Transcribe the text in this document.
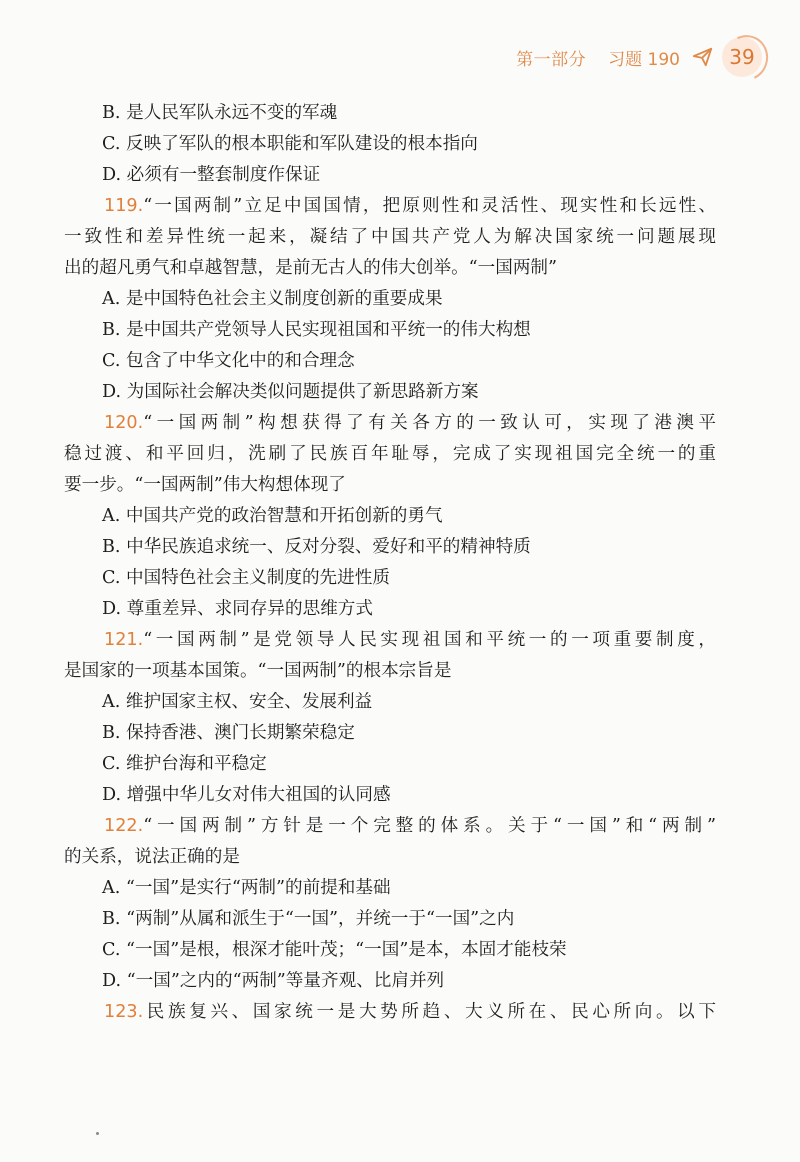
第一部分 习题 190 39
B. 是人民军队永远不变的军魂
C. 反映了军队的根本职能和军队建设的根本指向
D. 必须有一整套制度作保证
119.“一国两制”立足中国国情，把原则性和灵活性、现实性和长远性、
一致性和差异性统一起来，凝结了中国共产党人为解决国家统一问题展现
出的超凡勇气和卓越智慧，是前无古人的伟大创举。“一国两制”
A. 是中国特色社会主义制度创新的重要成果
B. 是中国共产党领导人民实现祖国和平统一的伟大构想
C. 包含了中华文化中的和合理念
D. 为国际社会解决类似问题提供了新思路新方案
120.“一国两制”构想获得了有关各方的一致认可，实现了港澳平
稳过渡、和平回归，洗刷了民族百年耻辱，完成了实现祖国完全统一的重
要一步。“一国两制”伟大构想体现了
A. 中国共产党的政治智慧和开拓创新的勇气
B. 中华民族追求统一、反对分裂、爱好和平的精神特质
C. 中国特色社会主义制度的先进性质
D. 尊重差异、求同存异的思维方式
121.“一国两制”是党领导人民实现祖国和平统一的一项重要制度，
是国家的一项基本国策。“一国两制”的根本宗旨是
A. 维护国家主权、安全、发展利益
B. 保持香港、澳门长期繁荣稳定
C. 维护台海和平稳定
D. 增强中华儿女对伟大祖国的认同感
122.“一国两制”方针是一个完整的体系。关于“一国”和“两制”
的关系，说法正确的是
A. “一国”是实行“两制”的前提和基础
B. “两制”从属和派生于“一国”，并统一于“一国”之内
C. “一国”是根，根深才能叶茂；“一国”是本，本固才能枝荣
D. “一国”之内的“两制”等量齐观、比肩并列
123.民族复兴、国家统一是大势所趋、大义所在、民心所向。以下
